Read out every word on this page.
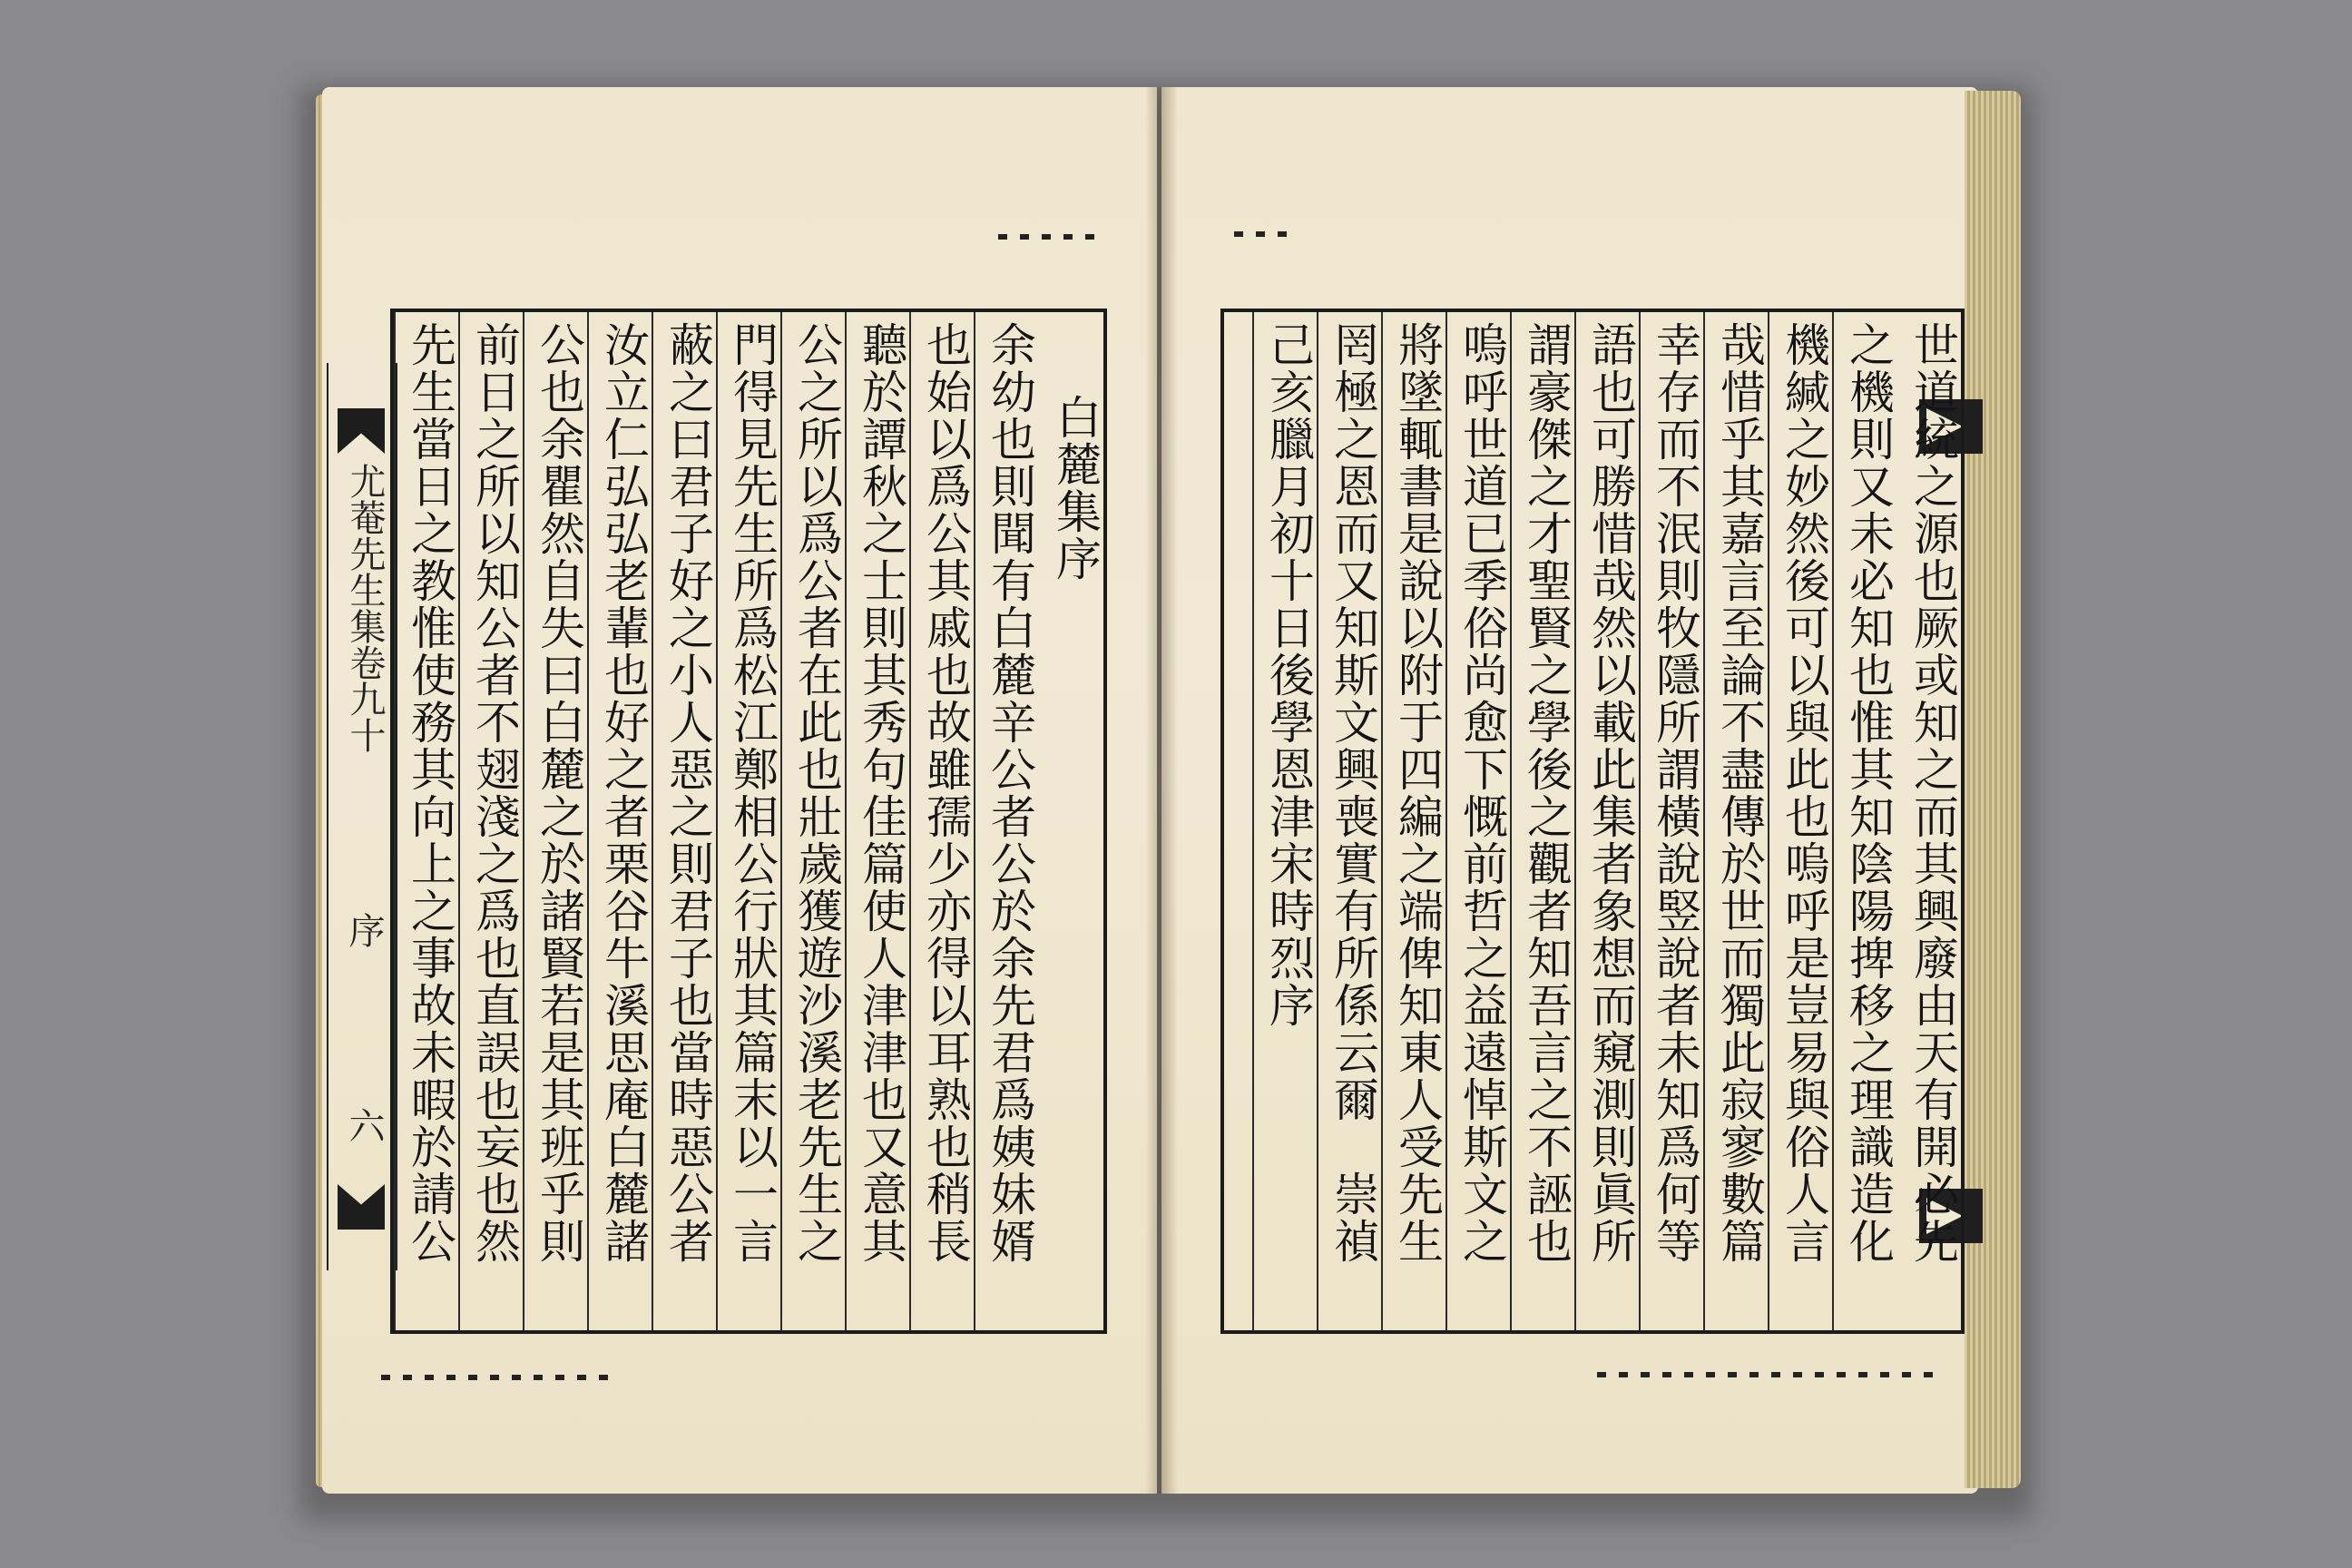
尤菴先生集卷九十
序
六
白麓集序
余幼也則聞有白麓辛公者公於余先君爲姨妹婿
也始以爲公其戚也故雖孺少亦得以耳熟也稍長
聽於譚秋之士則其秀句佳篇使人津津也又意其
公之所以爲公者在此也壯歲獲遊沙溪老先生之
門得見先生所爲松江鄭相公行狀其篇末以一言
蔽之曰君子好之小人惡之則君子也當時惡公者
汝立仁弘弘老輩也好之者栗谷牛溪思庵白麓諸
公也余瞿然自失曰白麓之於諸賢若是其班乎則
前日之所以知公者不翅淺之爲也直誤也妄也然
先生當日之教惟使務其向上之事故未暇於請公	世道統之源也厥或知之而其興廢由天有開必先
之機則又未必知也惟其知陰陽捭移之理識造化
機緘之妙然後可以與此也嗚呼是豈易與俗人言
哉惜乎其嘉言至論不盡傳於世而獨此寂寥數篇
幸存而不泯則牧隱所謂橫說竪說者未知爲何等
語也可勝惜哉然以載此集者象想而窺測則眞所
謂豪傑之才聖賢之學後之觀者知吾言之不誣也
嗚呼世道已季俗尚愈下慨前哲之益遠悼斯文之
將墜輒書是說以附于四編之端俾知東人受先生
罔極之恩而又知斯文興喪實有所係云爾　崇禎
己亥臘月初十日後學恩津宋時烈序
